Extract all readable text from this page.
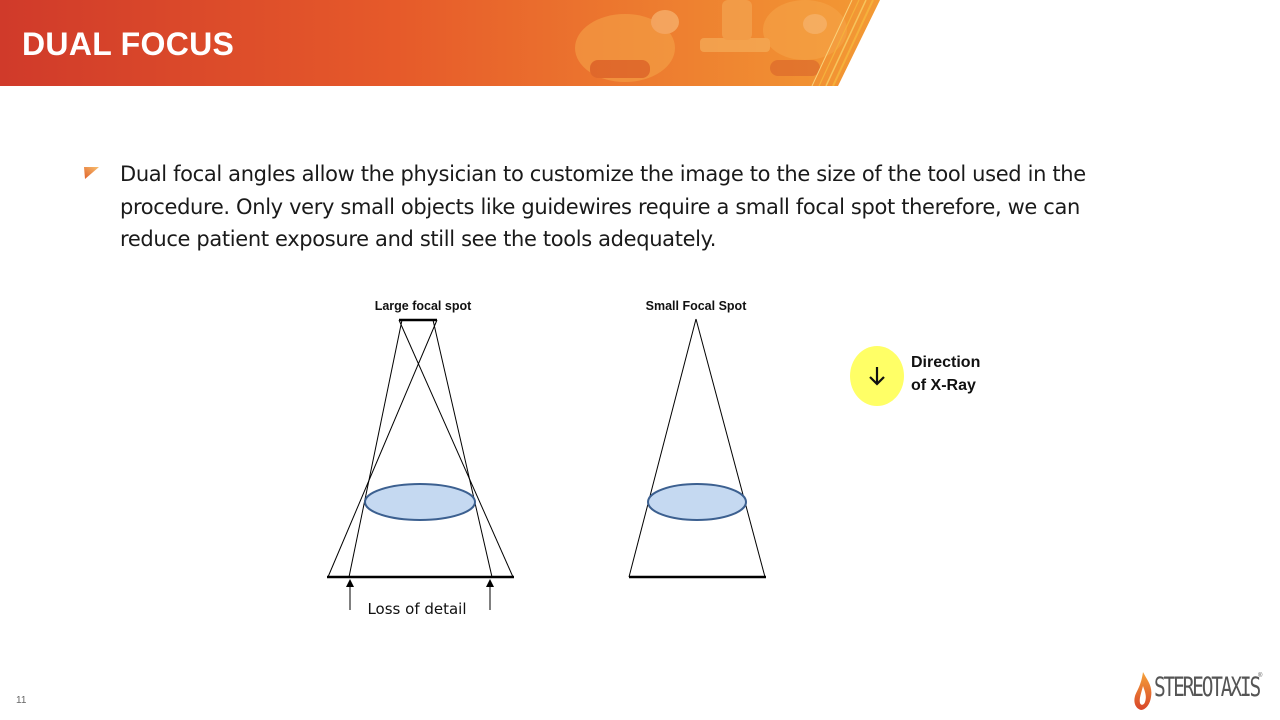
DUAL FOCUS

Dual focal angles allow the physician to customize the image to the size of the tool used in the procedure. Only very small objects like guidewires require a small focal spot therefore, we can reduce patient exposure and still see the tools adequately.

Large focal spot
Loss of detail
Small Focal Spot
Direction
of X-Ray
11	STEREOTAXIS ®
